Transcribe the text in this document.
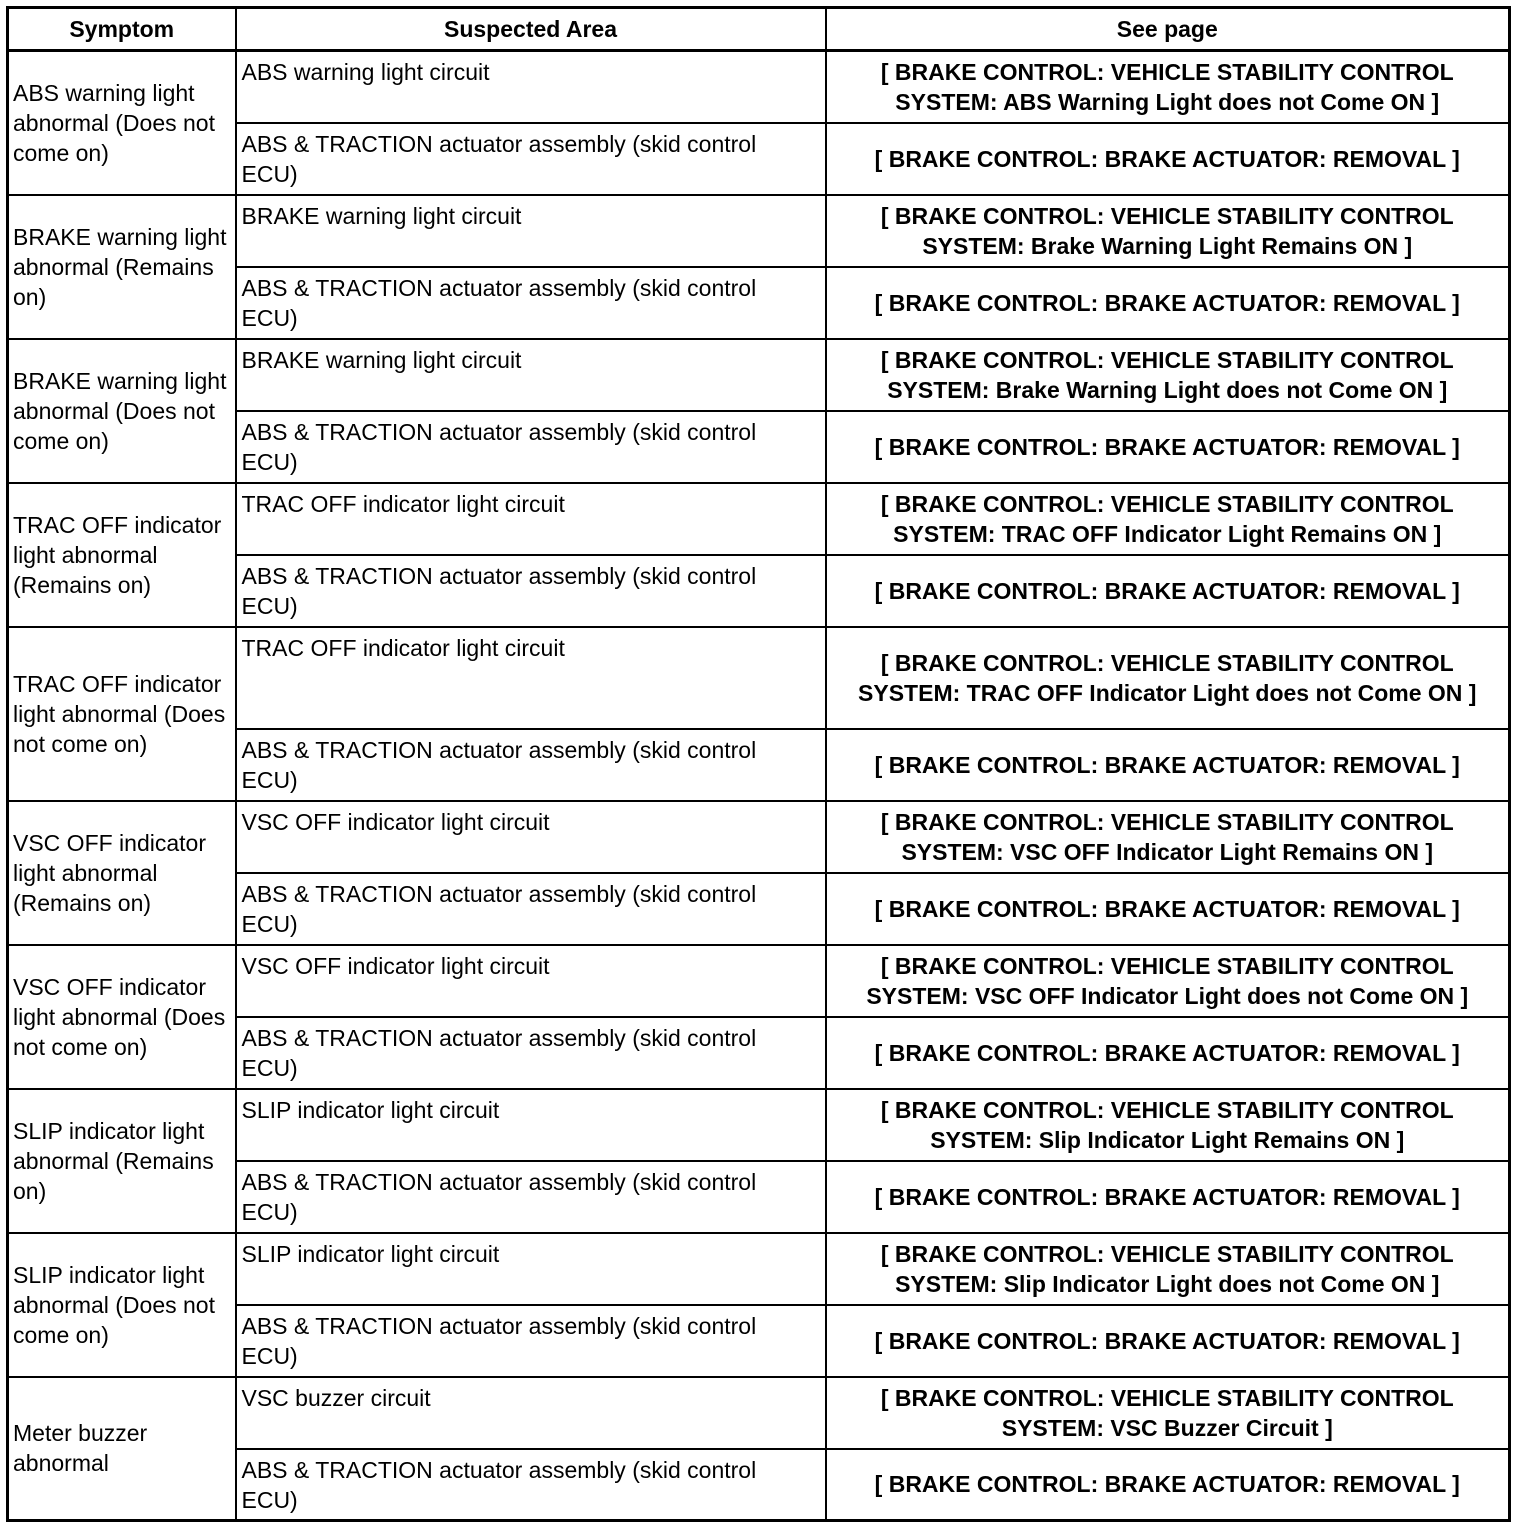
Symptom	Suspected Area	See page
ABS warning light abnormal (Does not come on)	ABS warning light circuit	[ BRAKE CONTROL: VEHICLE STABILITY CONTROL SYSTEM: ABS Warning Light does not Come ON ]
	ABS & TRACTION actuator assembly (skid control ECU)	[ BRAKE CONTROL: BRAKE ACTUATOR: REMOVAL ]
BRAKE warning light abnormal (Remains on)	BRAKE warning light circuit	[ BRAKE CONTROL: VEHICLE STABILITY CONTROL SYSTEM: Brake Warning Light Remains ON ]
	ABS & TRACTION actuator assembly (skid control ECU)	[ BRAKE CONTROL: BRAKE ACTUATOR: REMOVAL ]
BRAKE warning light abnormal (Does not come on)	BRAKE warning light circuit	[ BRAKE CONTROL: VEHICLE STABILITY CONTROL SYSTEM: Brake Warning Light does not Come ON ]
	ABS & TRACTION actuator assembly (skid control ECU)	[ BRAKE CONTROL: BRAKE ACTUATOR: REMOVAL ]
TRAC OFF indicator light abnormal (Remains on)	TRAC OFF indicator light circuit	[ BRAKE CONTROL: VEHICLE STABILITY CONTROL SYSTEM: TRAC OFF Indicator Light Remains ON ]
	ABS & TRACTION actuator assembly (skid control ECU)	[ BRAKE CONTROL: BRAKE ACTUATOR: REMOVAL ]
TRAC OFF indicator light abnormal (Does not come on)	TRAC OFF indicator light circuit	[ BRAKE CONTROL: VEHICLE STABILITY CONTROL SYSTEM: TRAC OFF Indicator Light does not Come ON ]
	ABS & TRACTION actuator assembly (skid control ECU)	[ BRAKE CONTROL: BRAKE ACTUATOR: REMOVAL ]
VSC OFF indicator light abnormal (Remains on)	VSC OFF indicator light circuit	[ BRAKE CONTROL: VEHICLE STABILITY CONTROL SYSTEM: VSC OFF Indicator Light Remains ON ]
	ABS & TRACTION actuator assembly (skid control ECU)	[ BRAKE CONTROL: BRAKE ACTUATOR: REMOVAL ]
VSC OFF indicator light abnormal (Does not come on)	VSC OFF indicator light circuit	[ BRAKE CONTROL: VEHICLE STABILITY CONTROL SYSTEM: VSC OFF Indicator Light does not Come ON ]
	ABS & TRACTION actuator assembly (skid control ECU)	[ BRAKE CONTROL: BRAKE ACTUATOR: REMOVAL ]
SLIP indicator light abnormal (Remains on)	SLIP indicator light circuit	[ BRAKE CONTROL: VEHICLE STABILITY CONTROL SYSTEM: Slip Indicator Light Remains ON ]
	ABS & TRACTION actuator assembly (skid control ECU)	[ BRAKE CONTROL: BRAKE ACTUATOR: REMOVAL ]
SLIP indicator light abnormal (Does not come on)	SLIP indicator light circuit	[ BRAKE CONTROL: VEHICLE STABILITY CONTROL SYSTEM: Slip Indicator Light does not Come ON ]
	ABS & TRACTION actuator assembly (skid control ECU)	[ BRAKE CONTROL: BRAKE ACTUATOR: REMOVAL ]
Meter buzzer abnormal	VSC buzzer circuit	[ BRAKE CONTROL: VEHICLE STABILITY CONTROL SYSTEM: VSC Buzzer Circuit ]
	ABS & TRACTION actuator assembly (skid control ECU)	[ BRAKE CONTROL: BRAKE ACTUATOR: REMOVAL ]
